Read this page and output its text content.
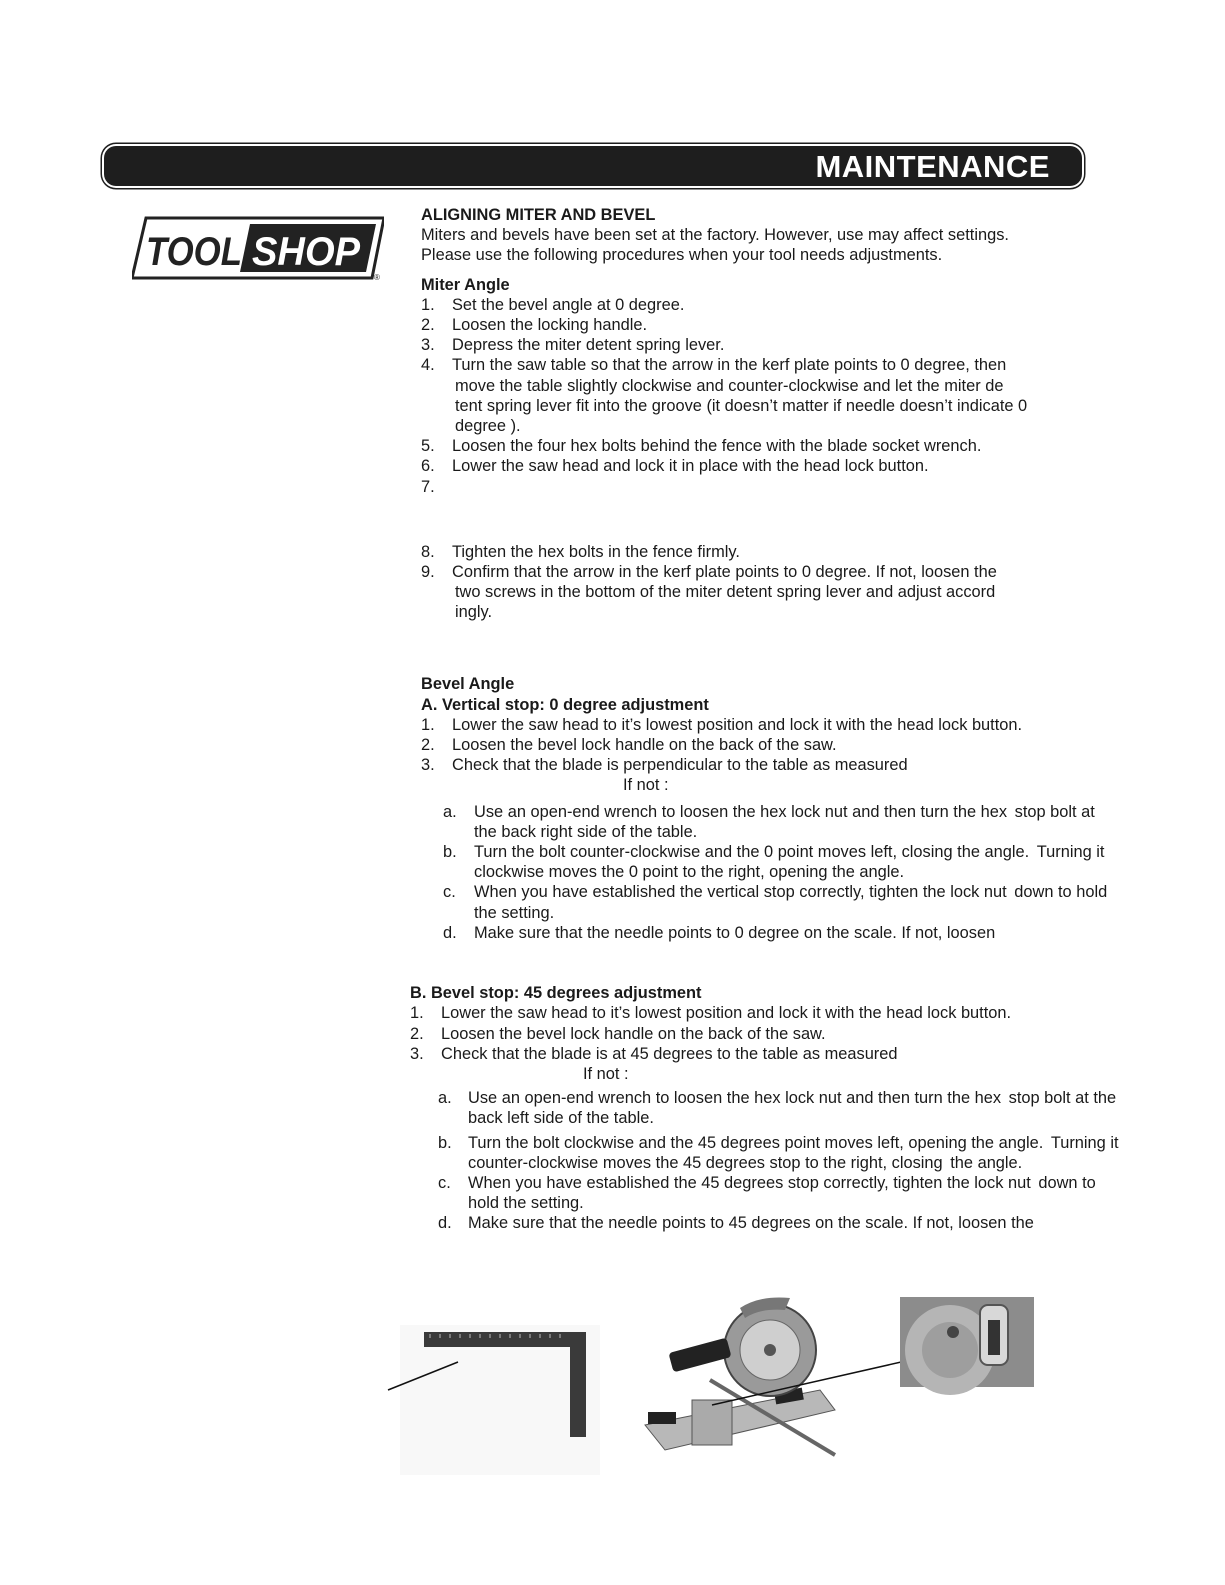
MAINTENANCE
TOOL SHOP
®
ALIGNING MITER AND BEVEL
Miters and bevels have been set at the factory. However, use may affect settings.
Please use the following procedures when your tool needs adjustments.
Miter Angle
1. Set the bevel angle at 0 degree.
2. Loosen the locking handle.
3. Depress the miter detent spring lever.
4. Turn the saw table so that the arrow in the kerf plate points to 0 degree, then
move the table slightly clockwise and counter-clockwise and let the miter de
tent spring lever fit into the groove (it doesn’t matter if needle doesn’t indicate 0
degree ).
5. Loosen the four hex bolts behind the fence with the blade socket wrench.
6. Lower the saw head and lock it in place with the head lock button.
7.
8. Tighten the hex bolts in the fence firmly.
9. Confirm that the arrow in the kerf plate points to 0 degree. If not, loosen the
two screws in the bottom of the miter detent spring lever and adjust accord
ingly.
Bevel Angle
A. Vertical stop: 0 degree adjustment
1. Lower the saw head to it’s lowest position and lock it with the head lock button.
2. Loosen the bevel lock handle on the back of the saw.
3. Check that the blade is perpendicular to the table as measured
If not :
a. Use an open-end wrench to loosen the hex lock nut and then turn the hex stop bolt at the back right side of the table.
b. Turn the bolt counter-clockwise and the 0 point moves left, closing the angle. Turning it clockwise moves the 0 point to the right, opening the angle.
c. When you have established the vertical stop correctly, tighten the lock nut down to hold the setting.
d. Make sure that the needle points to 0 degree on the scale. If not, loosen
B. Bevel stop: 45 degrees adjustment
1. Lower the saw head to it’s lowest position and lock it with the head lock button.
2. Loosen the bevel lock handle on the back of the saw.
3. Check that the blade is at 45 degrees to the table as measured
If not :
a. Use an open-end wrench to loosen the hex lock nut and then turn the hex stop bolt at the back left side of the table.
b. Turn the bolt clockwise and the 45 degrees point moves left, opening the angle. Turning it counter-clockwise moves the 45 degrees stop to the right, closing the angle.
c. When you have established the 45 degrees stop correctly, tighten the lock nut down to hold the setting.
d. Make sure that the needle points to 45 degrees on the scale. If not, loosen the
